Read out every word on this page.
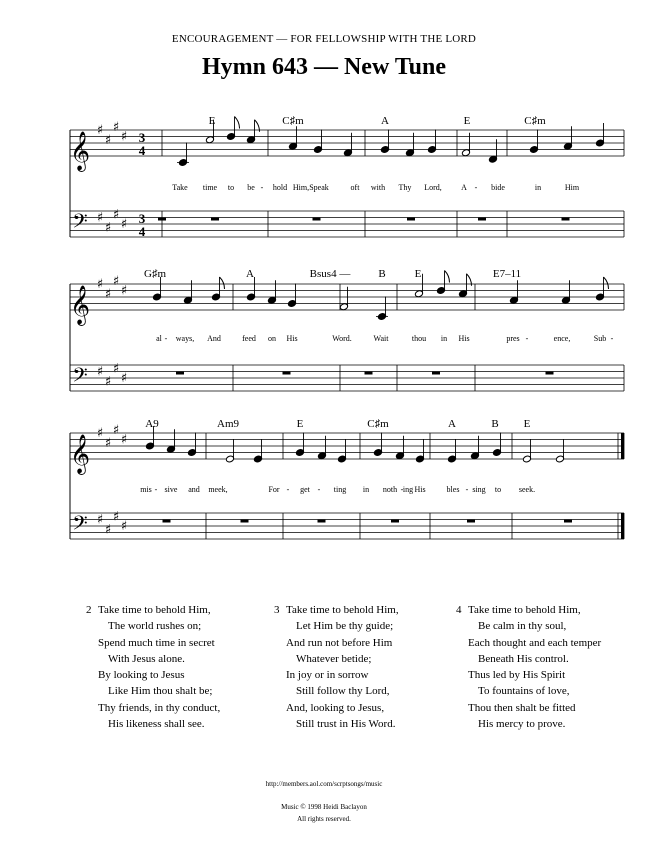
ENCOURAGEMENT — FOR FELLOWSHIP WITH THE LORD
Hymn 643 — New Tune
𝄞
♯
♯
♯
♯ 3
4
𝄢 ♯
♯
♯
♯ 3
4
E	C♯m	A	E	C♯m
Take time to be - hold Him, Speak	oft with Thy Lord, A - bide	in	Him
𝄞
♯
♯
♯
♯
𝄢 ♯
♯
♯
♯
G♯m	A	Bsus4 —	B	E	E7–11
al - ways, And	feed on His	Word.	Wait	thou in His	pres -	ence,	Sub -
𝄞
♯
♯
♯
♯
𝄢 ♯
♯
♯
♯
A9	Am9	E	C♯m	A	B E
mis - sive and meek,	For - get - ting in noth - ing His	bles - sing to seek.
2 Take time to behold Him,
The world rushes on;
Spend much time in secret
With Jesus alone.
By looking to Jesus
Like Him thou shalt be;
Thy friends, in thy conduct,
His likeness shall see.
3 Take time to behold Him,
Let Him be thy guide;
And run not before Him
Whatever betide;
In joy or in sorrow
Still follow thy Lord,
And, looking to Jesus,
Still trust in His Word.
4 Take time to behold Him,
Be calm in thy soul,
Each thought and each temper
Beneath His control.
Thus led by His Spirit
To fountains of love,
Thou then shalt be fitted
His mercy to prove.
http://members.aol.com/scrptsongs/music
Music © 1998 Heidi Baclayon
All rights reserved.
